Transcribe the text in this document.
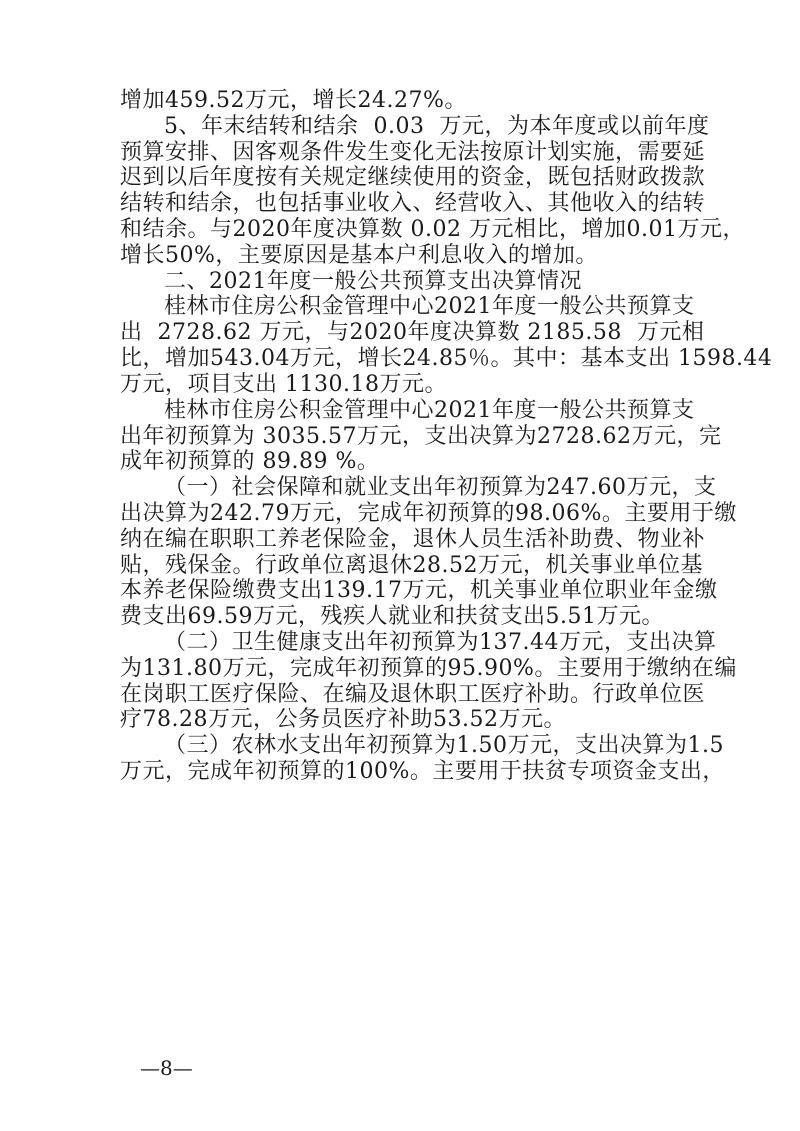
增加459.52万元，增长24.27%。
5、年末结转和结余  0.03  万元，为本年度或以前年度
预算安排、因客观条件发生变化无法按原计划实施，需要延
迟到以后年度按有关规定继续使用的资金，既包括财政拨款
结转和结余，也包括事业收入、经营收入、其他收入的结转
和结余。与2020年度决算数 0.02 万元相比，增加0.01万元，
增长50%，主要原因是基本户利息收入的增加。
二、2021年度一般公共预算支出决算情况
桂林市住房公积金管理中心2021年度一般公共预算支
出  2728.62 万元，与2020年度决算数 2185.58  万元相
比，增加543.04万元，增长24.85％。其中：基本支出 1598.44
万元，项目支出 1130.18万元。
桂林市住房公积金管理中心2021年度一般公共预算支
出年初预算为 3035.57万元，支出决算为2728.62万元，完
成年初预算的 89.89 %。
（一）社会保障和就业支出年初预算为247.60万元，支
出决算为242.79万元，完成年初预算的98.06%。主要用于缴
纳在编在职职工养老保险金，退休人员生活补助费、物业补
贴，残保金。行政单位离退休28.52万元，机关事业单位基
本养老保险缴费支出139.17万元，机关事业单位职业年金缴
费支出69.59万元，残疾人就业和扶贫支出5.51万元。
（二）卫生健康支出年初预算为137.44万元，支出决算
为131.80万元，完成年初预算的95.90%。主要用于缴纳在编
在岗职工医疗保险、在编及退休职工医疗补助。行政单位医
疗78.28万元，公务员医疗补助53.52万元。
（三）农林水支出年初预算为1.50万元，支出决算为1.5
万元，完成年初预算的100%。主要用于扶贫专项资金支出，
—8—
